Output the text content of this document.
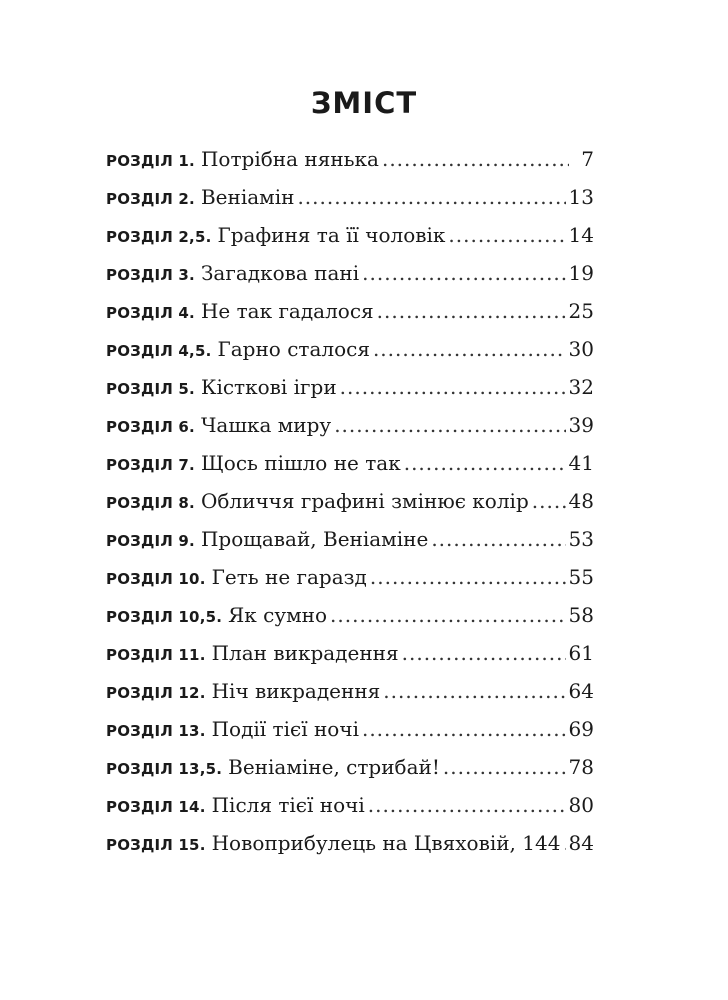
ЗМІСТ
РОЗДІЛ 1. Потрібна нянька .....	7
РОЗДІЛ 2. Веніамін .....	13
РОЗДІЛ 2,5. Графиня та її чоловік .....	14
РОЗДІЛ 3. Загадкова пані .....	19
РОЗДІЛ 4. Не так гадалося .....	25
РОЗДІЛ 4,5. Гарно сталося .....	30
РОЗДІЛ 5. Кісткові ігри .....	32
РОЗДІЛ 6. Чашка миру .....	39
РОЗДІЛ 7. Щось пішло не так .....	41
РОЗДІЛ 8. Обличчя графині змінює колір ..... 48
РОЗДІЛ 9. Прощавай, Веніаміне .....	53
РОЗДІЛ 10. Геть не гаразд .....	55
РОЗДІЛ 10,5. Як сумно .....	58
РОЗДІЛ 11. План викрадення .....	61
РОЗДІЛ 12. Ніч викрадення .....	64
РОЗДІЛ 13. Події тієї ночі .....	69
РОЗДІЛ 13,5. Веніаміне, стрибай! .....	78
РОЗДІЛ 14. Після тієї ночі .....	80
РОЗДІЛ 15. Новоприбулець на Цвяховій, 144 ..... 84
